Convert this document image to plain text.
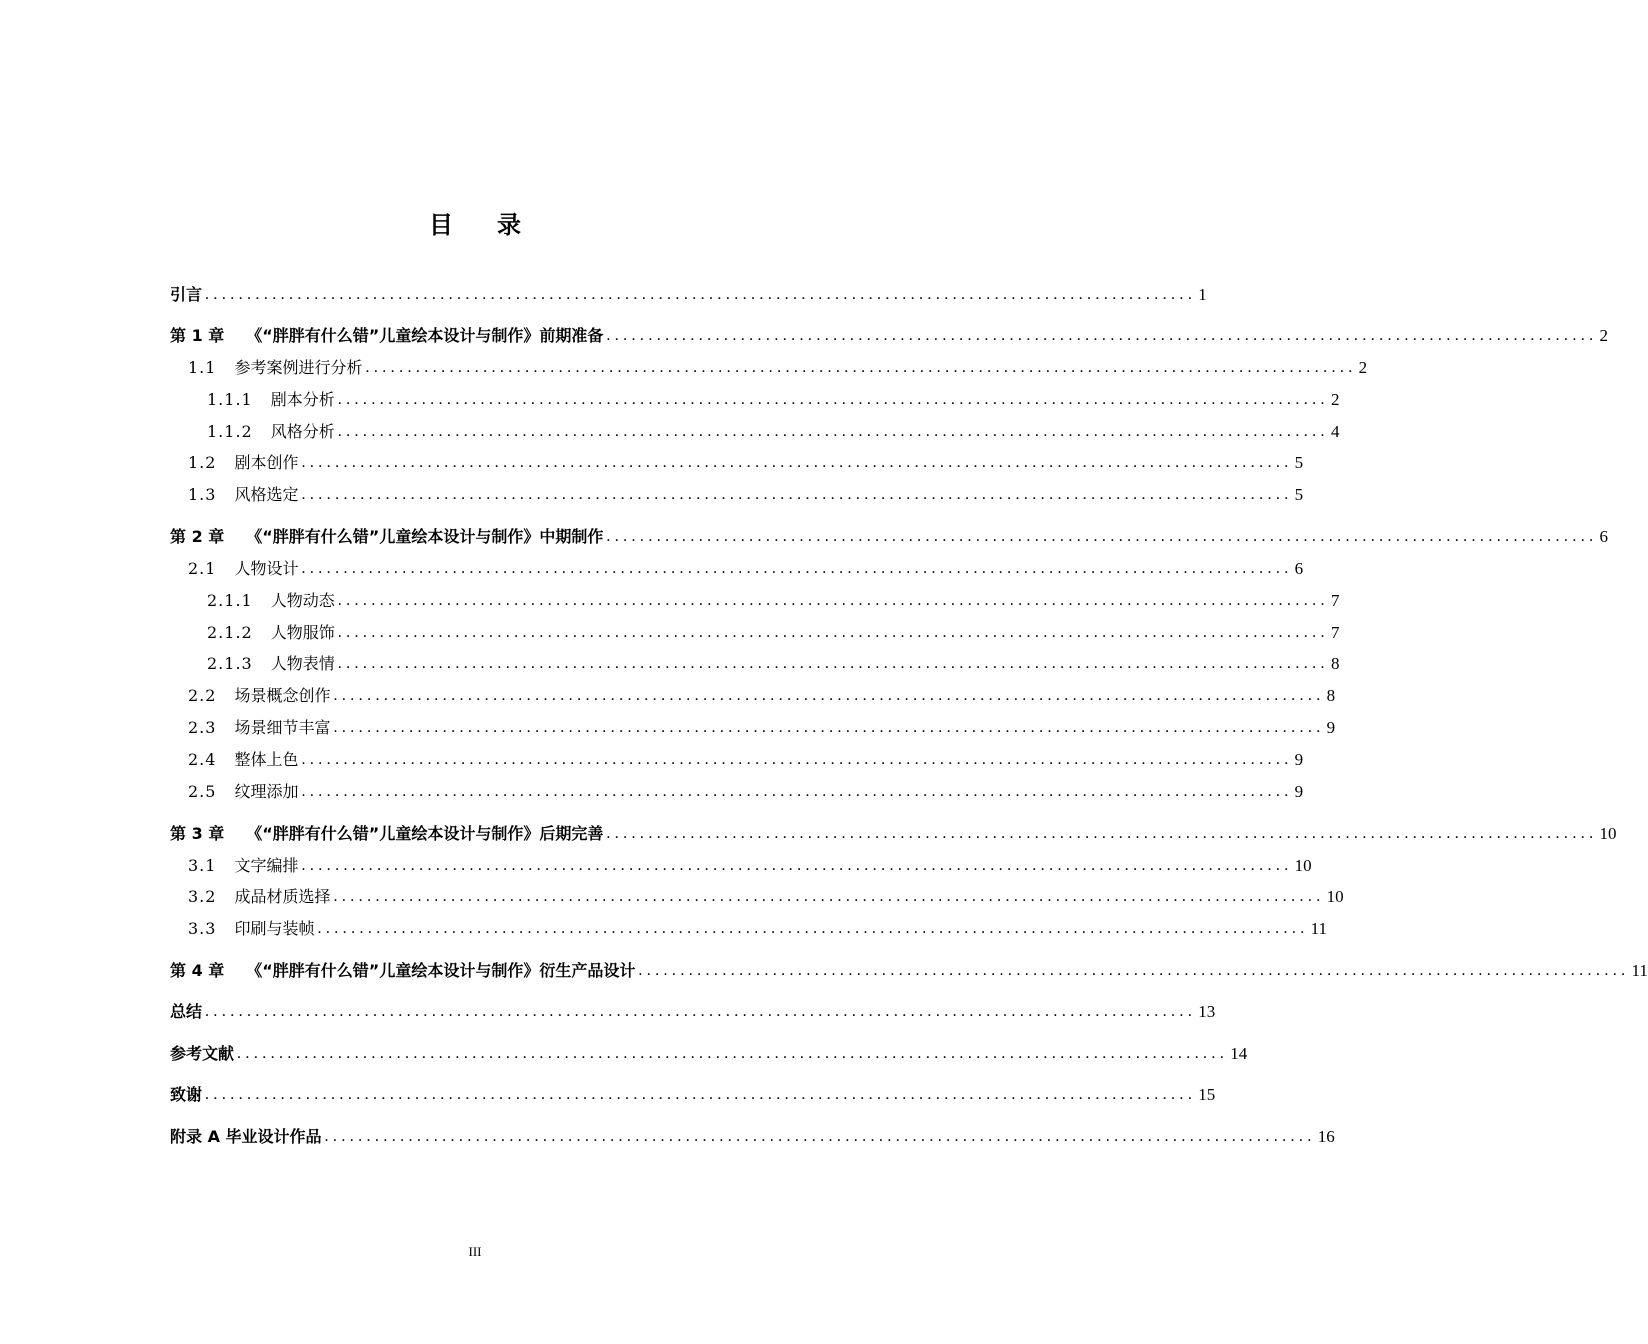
目录
引言 ...................................................................................................................... 1
第 1 章 《“胖胖有什么错”儿童绘本设计与制作》前期准备 ...................................................................................................................... 2
1.1 参考案例进行分析 ...................................................................................................................... 2
1.1.1 剧本分析 ...................................................................................................................... 2
1.1.2 风格分析 ...................................................................................................................... 4
1.2 剧本创作 ...................................................................................................................... 5
1.3 风格选定 ...................................................................................................................... 5
第 2 章 《“胖胖有什么错”儿童绘本设计与制作》中期制作 ...................................................................................................................... 6
2.1 人物设计 ...................................................................................................................... 6
2.1.1 人物动态 ...................................................................................................................... 7
2.1.2 人物服饰 ...................................................................................................................... 7
2.1.3 人物表情 ...................................................................................................................... 8
2.2 场景概念创作 ...................................................................................................................... 8
2.3 场景细节丰富 ...................................................................................................................... 9
2.4 整体上色 ...................................................................................................................... 9
2.5 纹理添加 ...................................................................................................................... 9
第 3 章 《“胖胖有什么错”儿童绘本设计与制作》后期完善 ...................................................................................................................... 10
3.1 文字编排 ...................................................................................................................... 10
3.2 成品材质选择 ...................................................................................................................... 10
3.3 印刷与装帧 ...................................................................................................................... 11
第 4 章 《“胖胖有什么错”儿童绘本设计与制作》衍生产品设计 ...................................................................................................................... 11
总结 ...................................................................................................................... 13
参考文献 ...................................................................................................................... 14
致谢 ...................................................................................................................... 15
附录 A 毕业设计作品 ...................................................................................................................... 16
III
